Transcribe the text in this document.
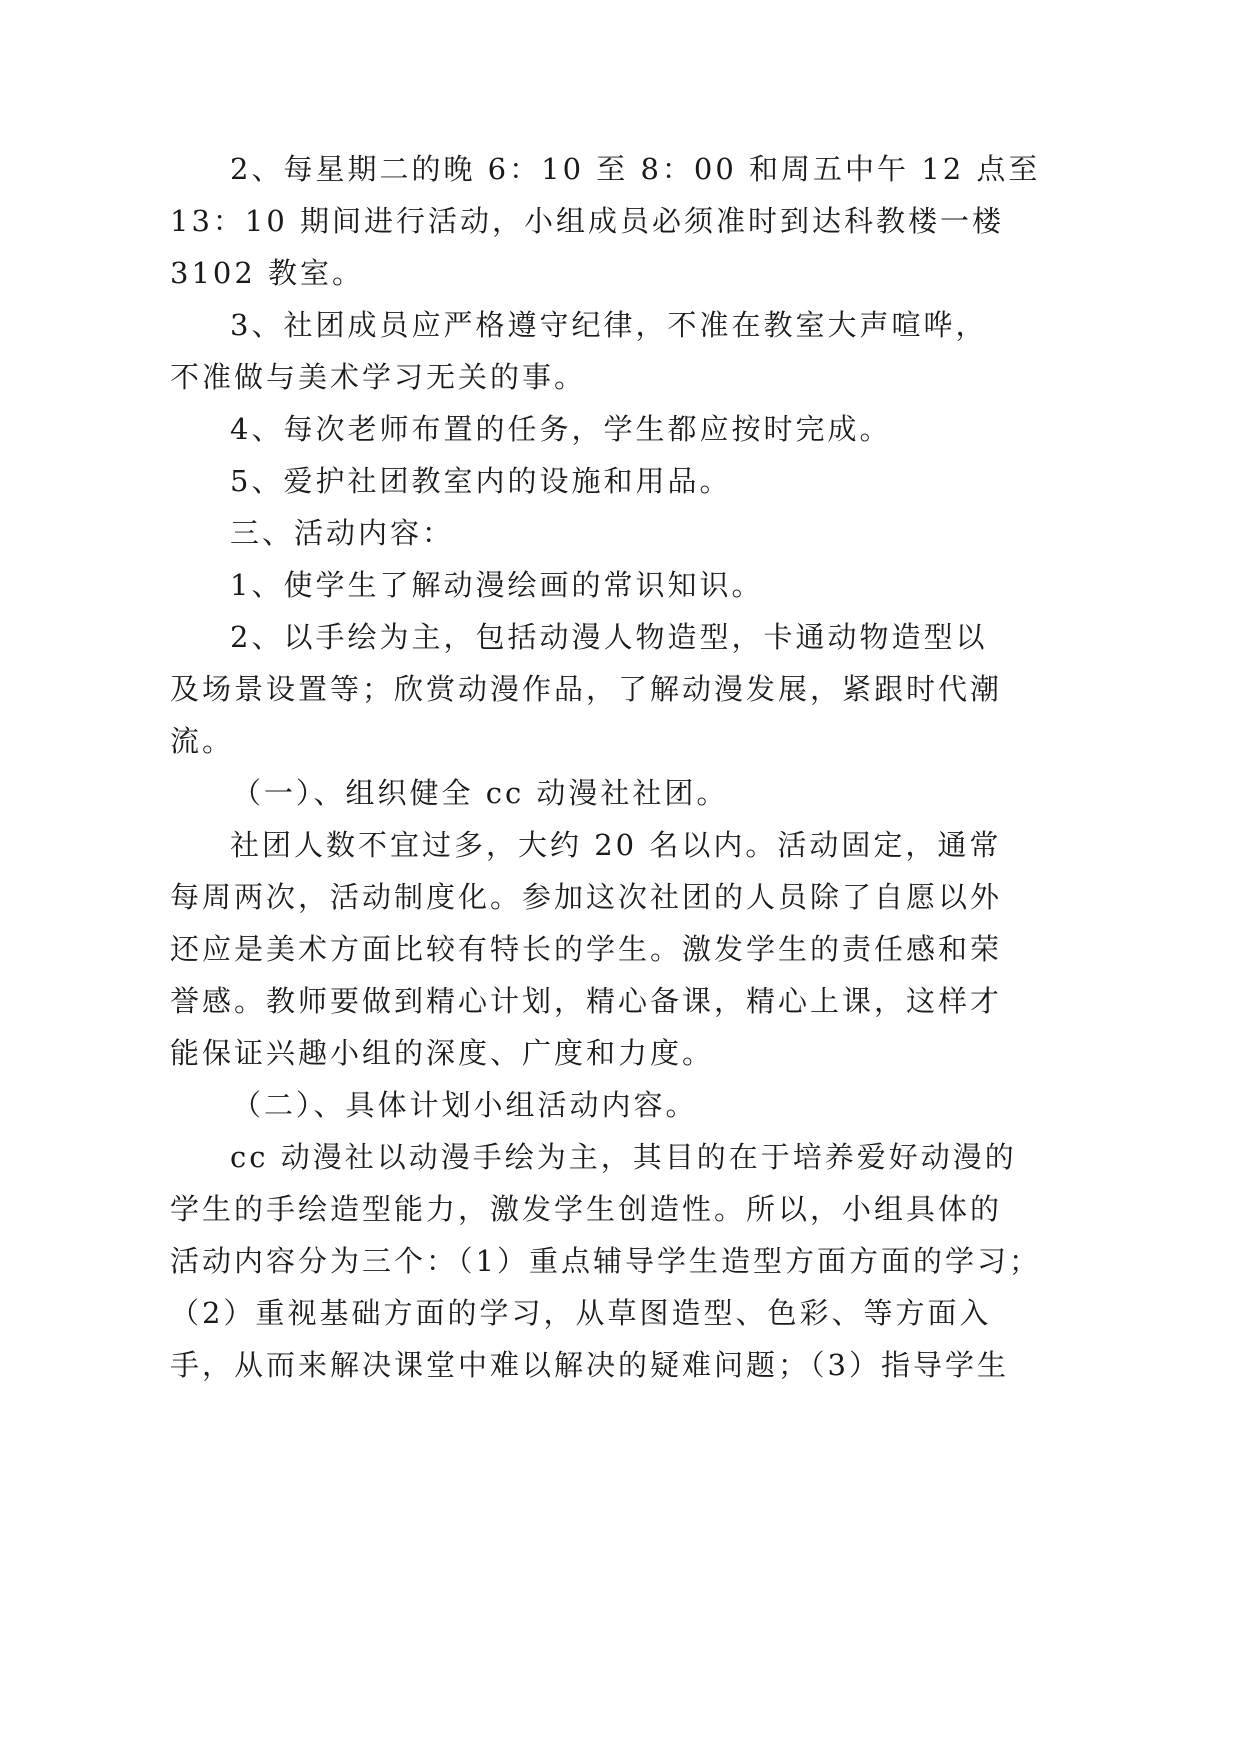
2、每星期二的晚 6：10 至 8：00 和周五中午 12 点至
13：10 期间进行活动，小组成员必须准时到达科教楼一楼
3102 教室。
3、社团成员应严格遵守纪律，不准在教室大声喧哗，
不准做与美术学习无关的事。
4、每次老师布置的任务，学生都应按时完成。
5、爱护社团教室内的设施和用品。
三、活动内容：
1、使学生了解动漫绘画的常识知识。
2、以手绘为主，包括动漫人物造型，卡通动物造型以
及场景设置等；欣赏动漫作品，了解动漫发展，紧跟时代潮
流。
（一）、组织健全 cc 动漫社社团。
社团人数不宜过多，大约 20 名以内。活动固定，通常
每周两次，活动制度化。参加这次社团的人员除了自愿以外
还应是美术方面比较有特长的学生。激发学生的责任感和荣
誉感。教师要做到精心计划，精心备课，精心上课，这样才
能保证兴趣小组的深度、广度和力度。
（二）、具体计划小组活动内容。
cc 动漫社以动漫手绘为主，其目的在于培养爱好动漫的
学生的手绘造型能力，激发学生创造性。所以，小组具体的
活动内容分为三个：（1）重点辅导学生造型方面方面的学习；
（2）重视基础方面的学习，从草图造型、色彩、等方面入
手，从而来解决课堂中难以解决的疑难问题；（3）指导学生
